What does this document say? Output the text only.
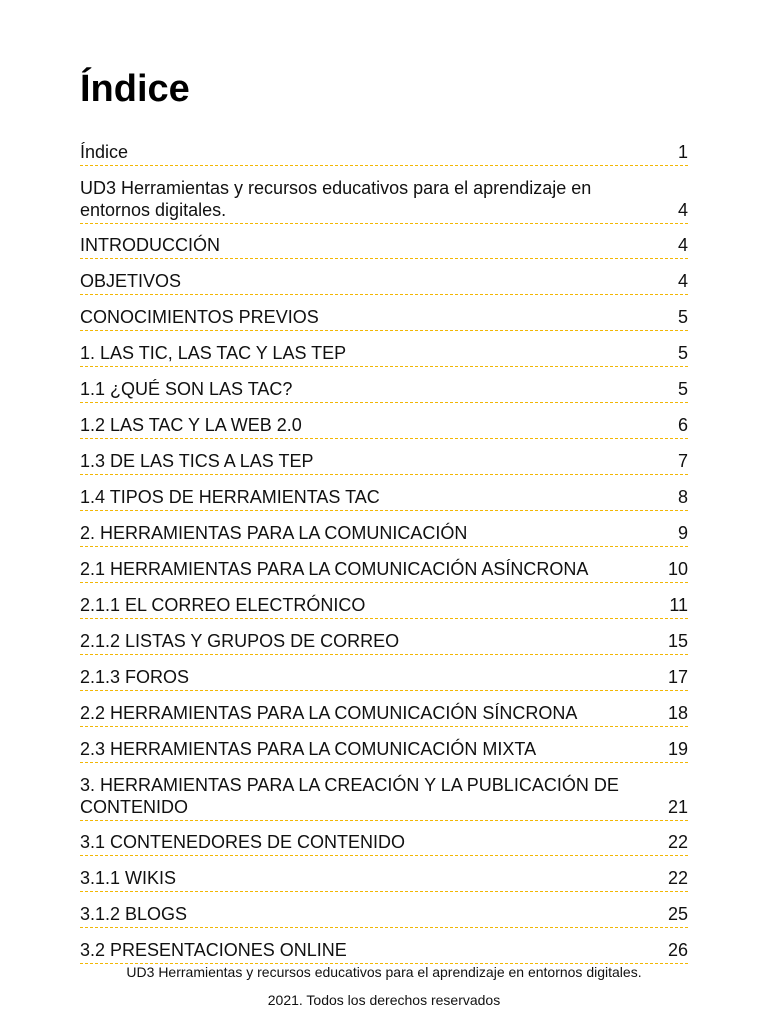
Índice
Índice	1
UD3 Herramientas y recursos educativos para el aprendizaje en entornos digitales.	4
INTRODUCCIÓN	4
OBJETIVOS	4
CONOCIMIENTOS PREVIOS	5
1. LAS TIC, LAS TAC Y LAS TEP	5
1.1 ¿QUÉ SON LAS TAC?	5
1.2 LAS TAC Y LA WEB 2.0	6
1.3 DE LAS TICS A LAS TEP	7
1.4 TIPOS DE HERRAMIENTAS TAC	8
2. HERRAMIENTAS PARA LA COMUNICACIÓN	9
2.1 HERRAMIENTAS PARA LA COMUNICACIÓN ASÍNCRONA	10
2.1.1 EL CORREO ELECTRÓNICO	11
2.1.2 LISTAS Y GRUPOS DE CORREO	15
2.1.3 FOROS	17
2.2 HERRAMIENTAS PARA LA COMUNICACIÓN SÍNCRONA	18
2.3 HERRAMIENTAS PARA LA COMUNICACIÓN MIXTA	19
3. HERRAMIENTAS PARA LA CREACIÓN Y LA PUBLICACIÓN DE CONTENIDO	21
3.1 CONTENEDORES DE CONTENIDO	22
3.1.1 WIKIS	22
3.1.2 BLOGS	25
3.2 PRESENTACIONES ONLINE	26
UD3 Herramientas y recursos educativos para el aprendizaje en entornos digitales.
2021. Todos los derechos reservados
